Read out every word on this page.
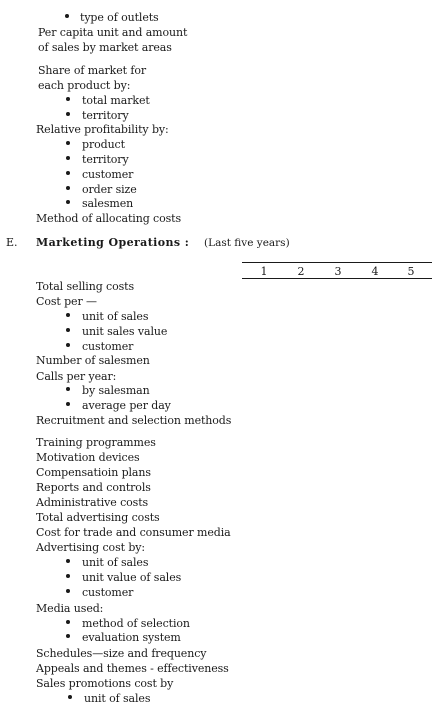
type of outlets
Per capita unit and amount
of sales by market areas
Share of market for
each product by:
total market
territory
Relative profitability by:
product
territory
customer
order size
salesmen
Method of allocating costs
E. Marketing Operations : (Last five years)
1	2	3	4	5
Total selling costs
Cost per —
unit of sales
unit sales value
customer
Number of salesmen
Calls per year:
by salesman
average per day
Recruitment and selection methods
Training programmes
Motivation devices
Compensatioin plans
Reports and controls
Administrative costs
Total advertising costs
Cost for trade and consumer media
Advertising cost by:
unit of sales
unit value of sales
customer
Media used:
method of selection
evaluation system
Schedules—size and frequency
Appeals and themes - effectiveness
Sales promotions cost by
unit of sales
